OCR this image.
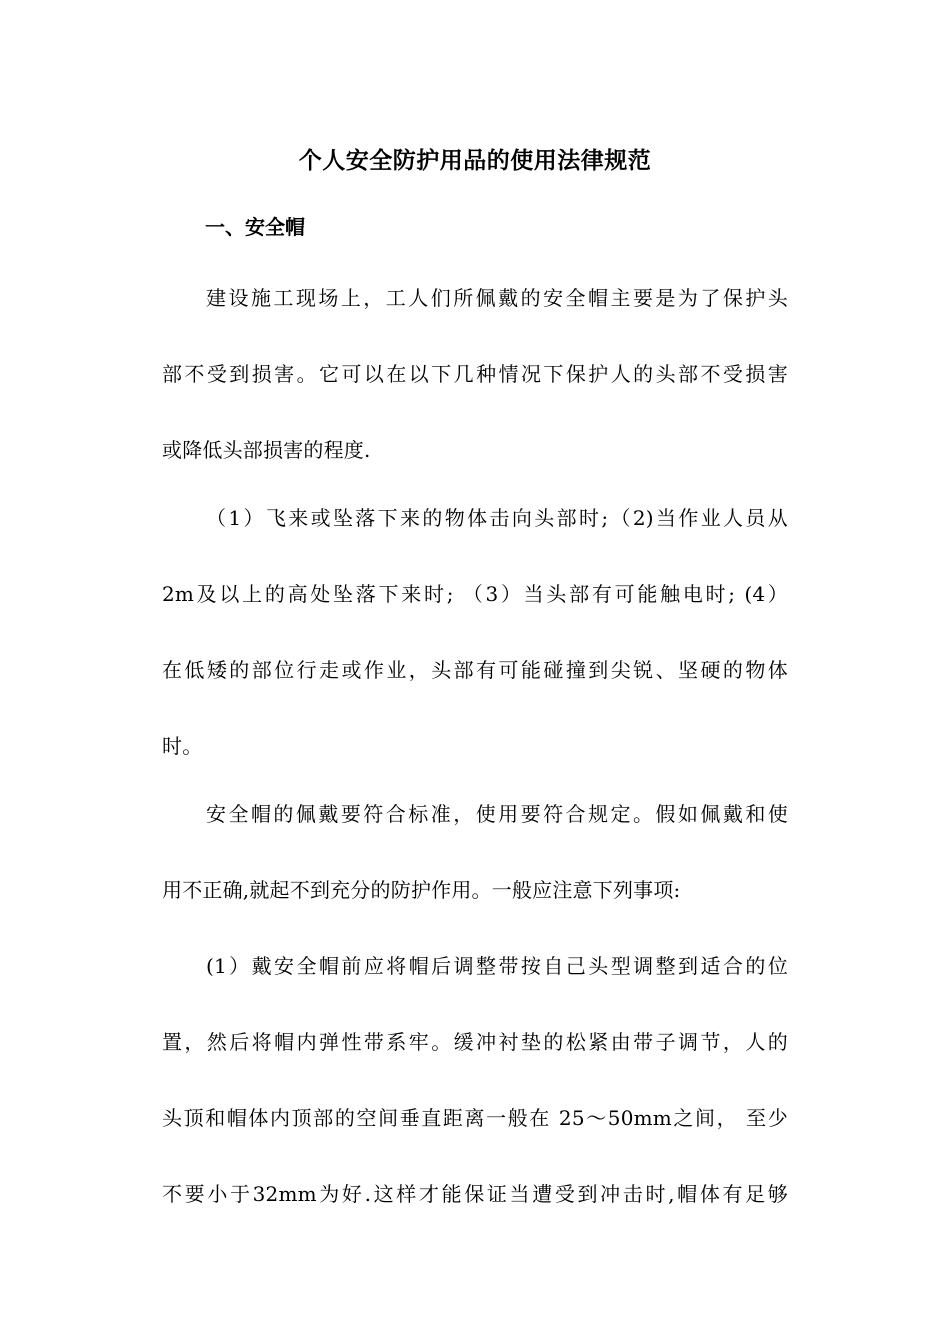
个人安全防护用品的使用法律规范
一、安全帽
建设施工现场上，工人们所佩戴的安全帽主要是为了保护头
部不受到损害。它可以在以下几种情况下保护人的头部不受损害
或降低头部损害的程度.
（1）飞来或坠落下来的物体击向头部时;（2)当作业人员从
2m及以上的高处坠落下来时; （3）当头部有可能触电时; (4）
在低矮的部位行走或作业，头部有可能碰撞到尖锐、坚硬的物体
时。
安全帽的佩戴要符合标准，使用要符合规定。假如佩戴和使
用不正确,就起不到充分的防护作用。一般应注意下列事项:
(1）戴安全帽前应将帽后调整带按自己头型调整到适合的位
置，然后将帽内弹性带系牢。缓冲衬垫的松紧由带子调节，人的
头顶和帽体内顶部的空间垂直距离一般在 25～50mm之间， 至少
不要小于32mm为好.这样才能保证当遭受到冲击时,帽体有足够
